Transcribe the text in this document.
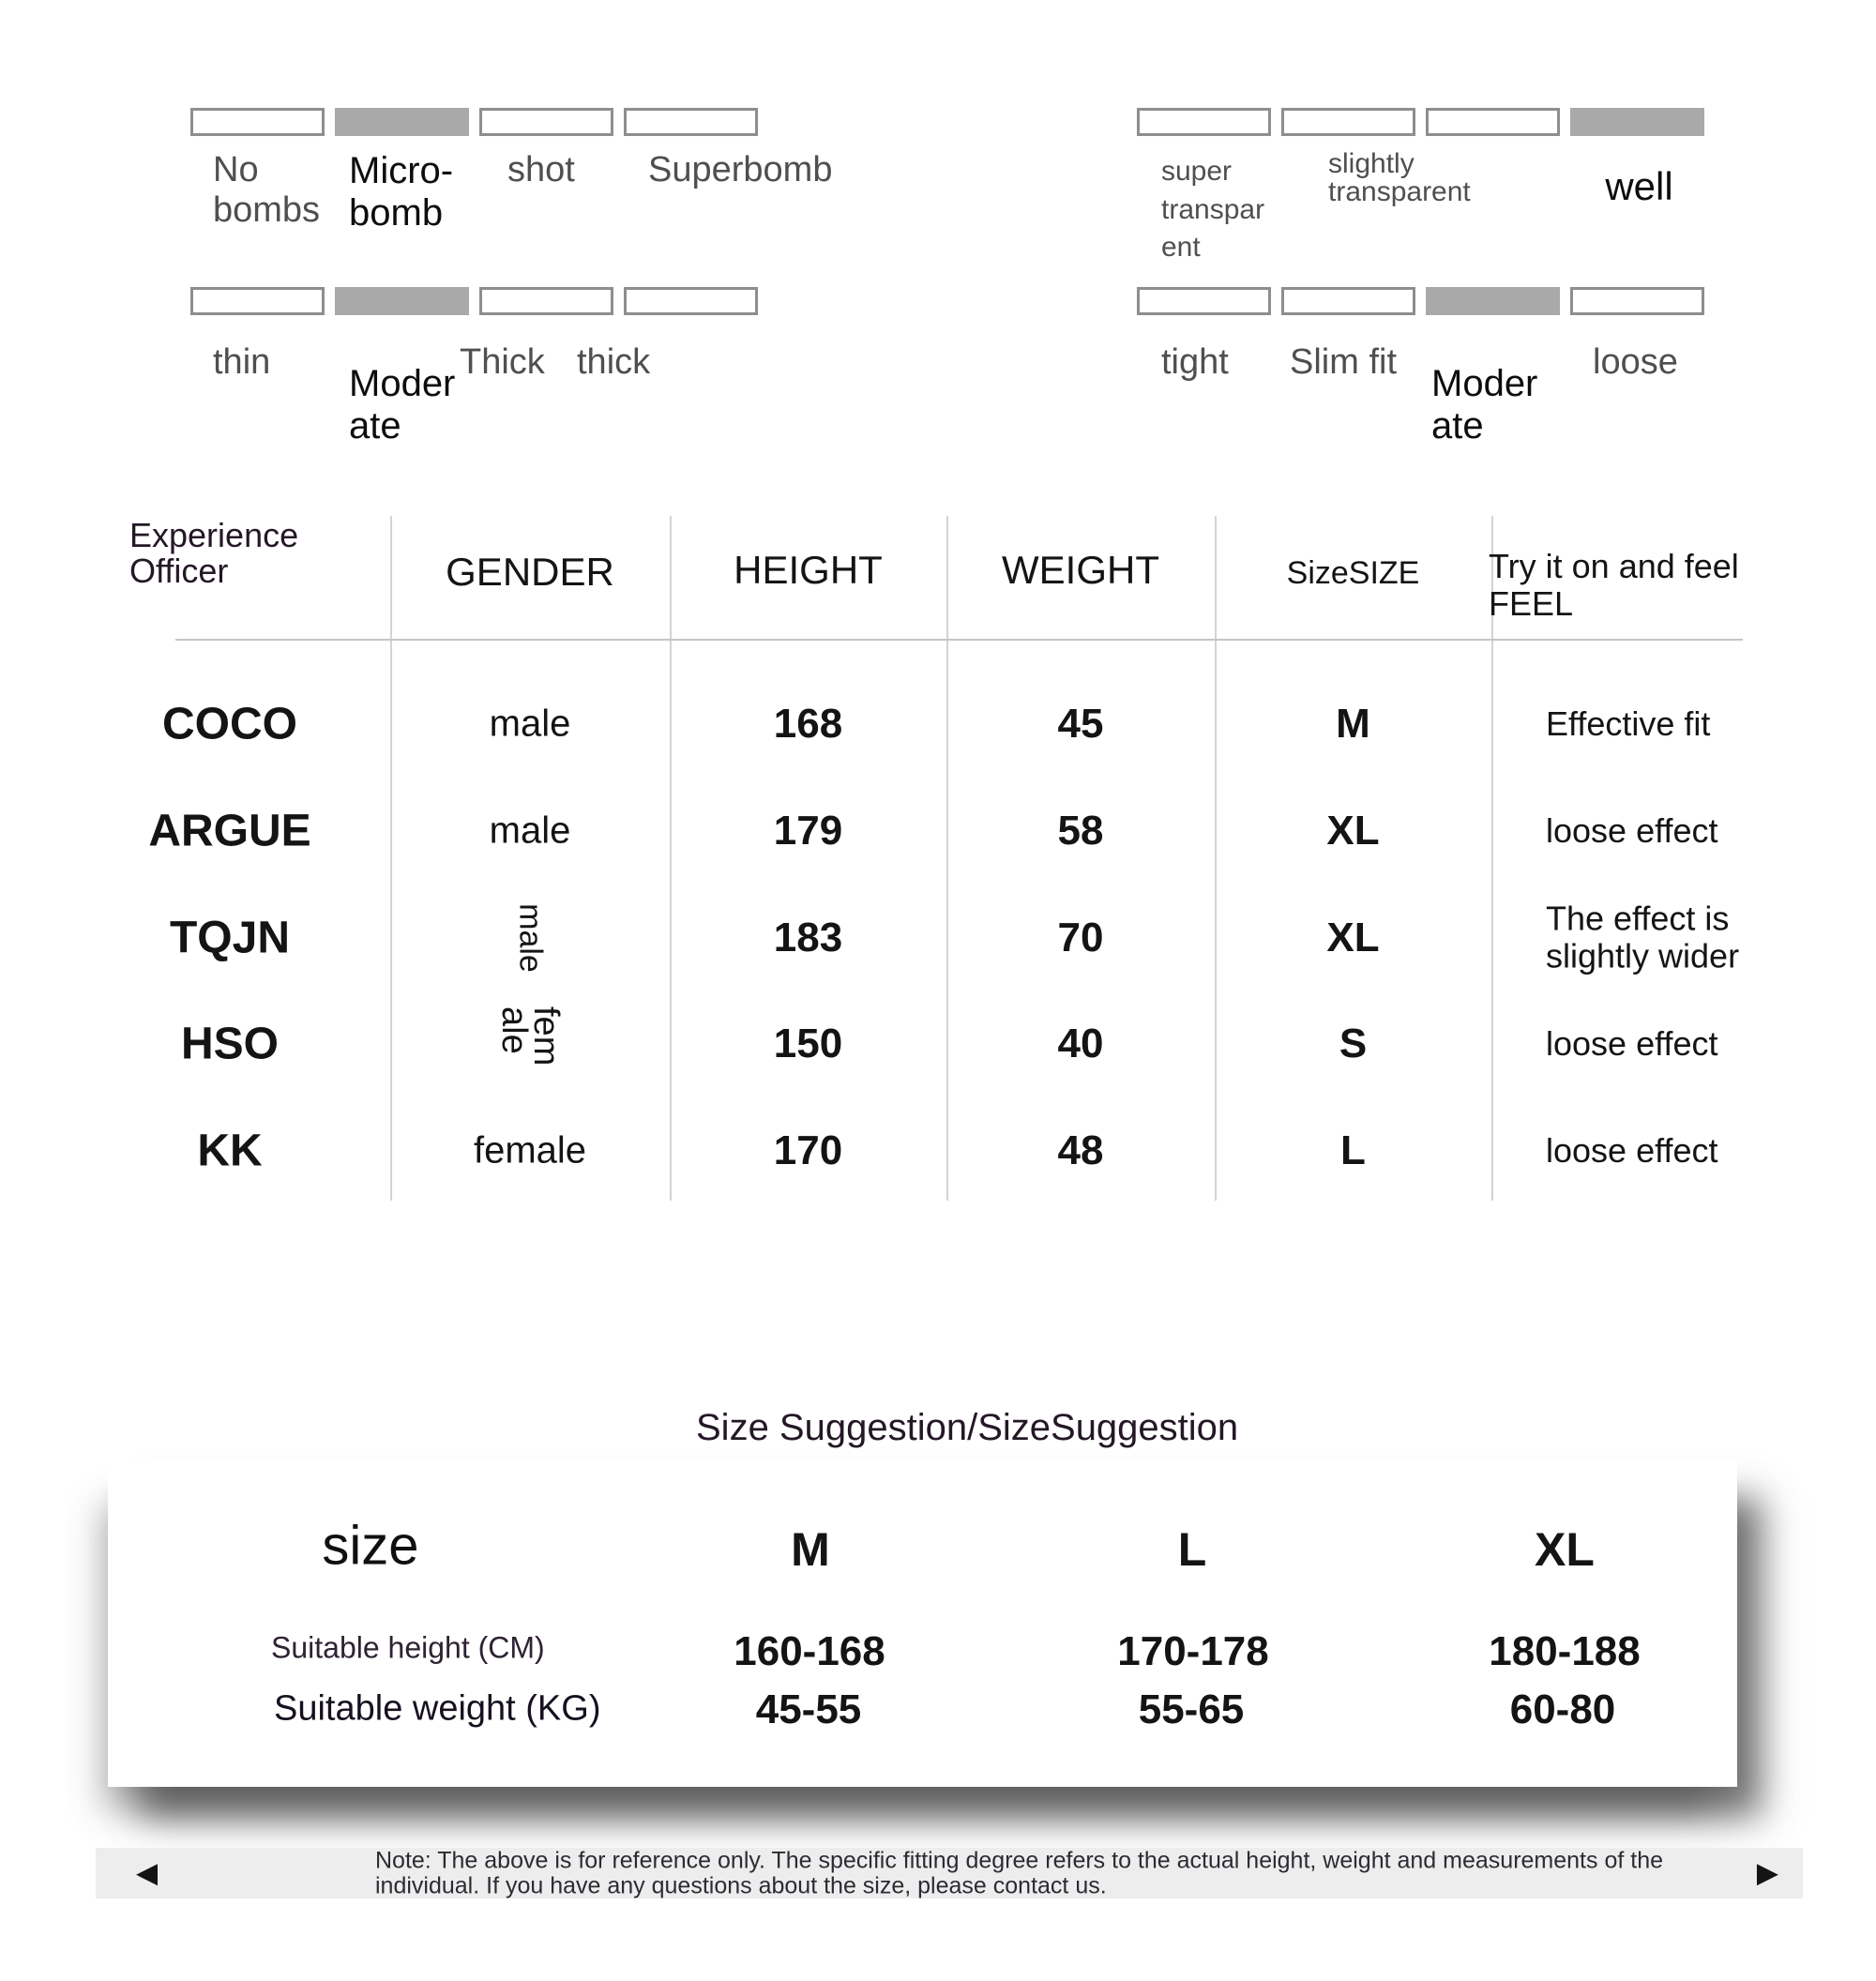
No bombs
Micro-bomb
shot Superbomb
thin
Moderate
Thick thick
super transparent
slightly transparent	well
tight Slim fit
Moderate
loose
Experience Officer	GENDER	HEIGHT	WEIGHT	SizeSIZE	Try it on and feel FEEL
COCO	male	168	45	M	Effective fit
ARGUE	male	179	58	XL	loose effect
TQJN	male	183	70	XL	The effect is slightly wider
HSO	female	150	40	S	loose effect
KK	female	170	48	L	loose effect
Size Suggestion/SizeSuggestion
size	M	L	XL
Suitable height (CM)	160-168	170-178	180-188
Suitable weight (KG)	45-55	55-65	60-80
◀	Note: The above is for reference only. The specific fitting degree refers to the actual height, weight and measurements of the individual. If you have any questions about the size, please contact us.	▶
